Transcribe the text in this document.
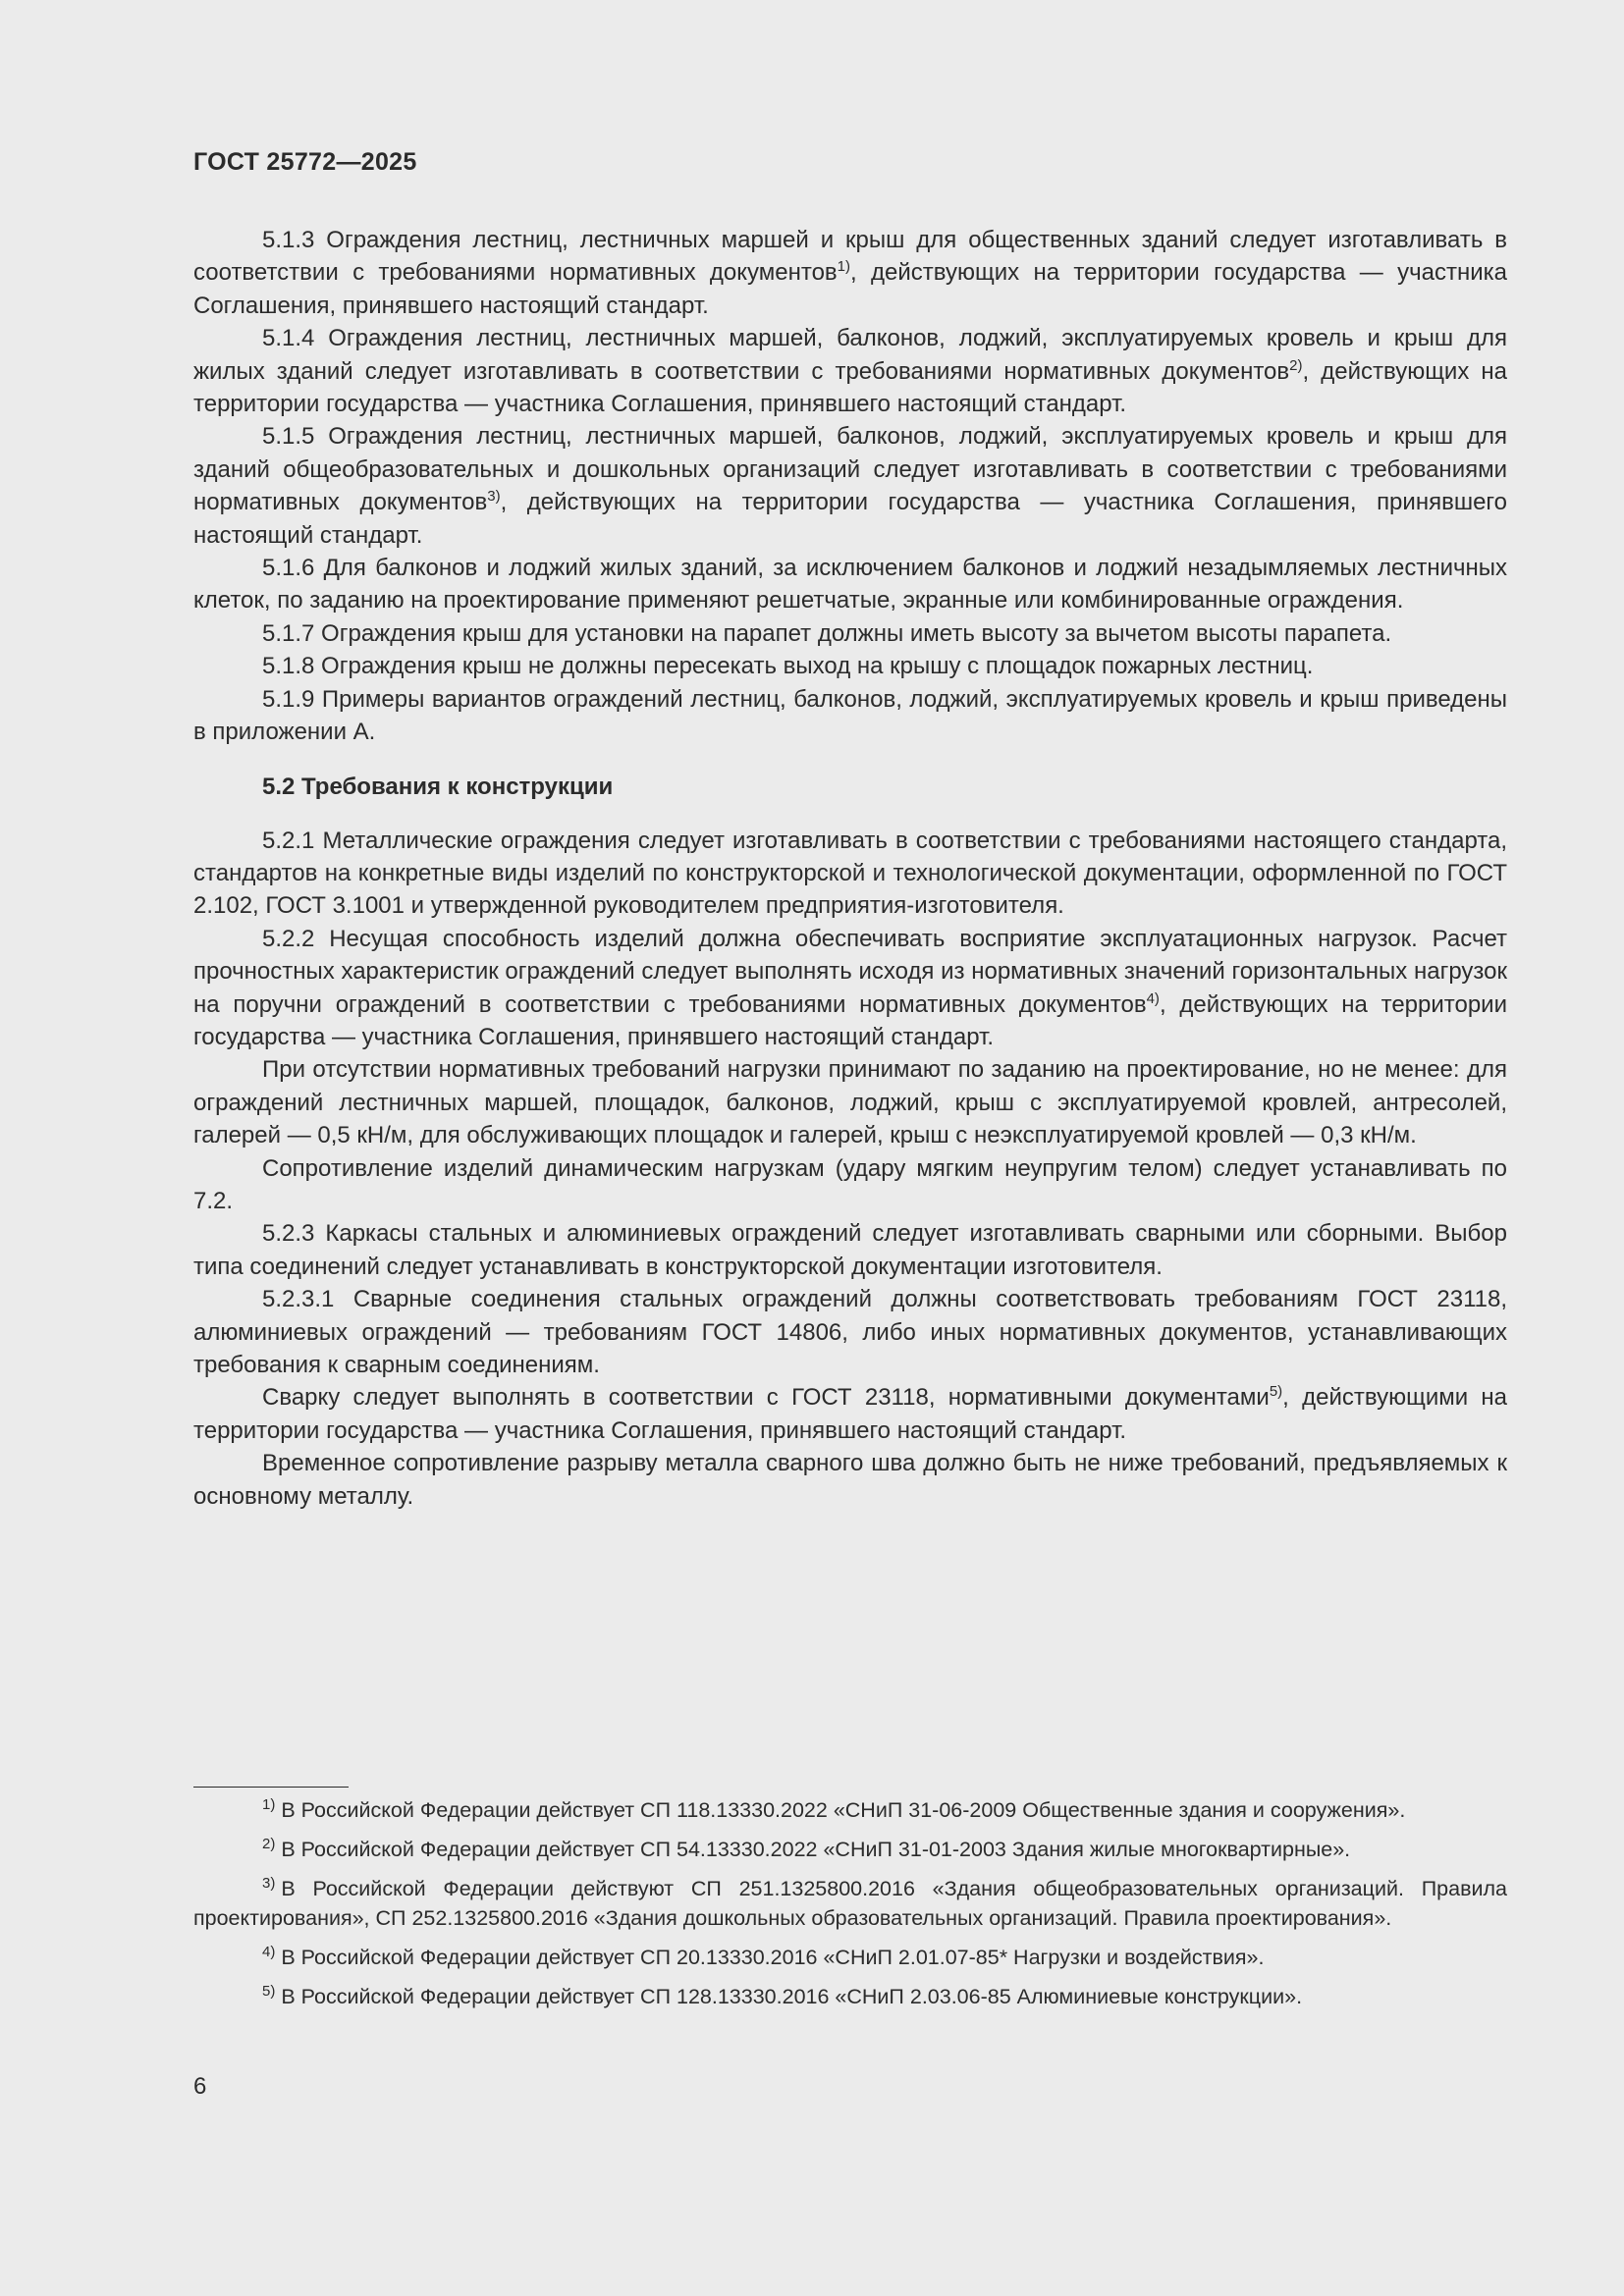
ГОСТ 25772—2025

5.1.3 Ограждения лестниц, лестничных маршей и крыш для общественных зданий следует изготавливать в соответствии с требованиями нормативных документов$^{1)}$, действующих на территории государства — участника Соглашения, принявшего настоящий стандарт.

5.1.4 Ограждения лестниц, лестничных маршей, балконов, лоджий, эксплуатируемых кровель и крыш для жилых зданий следует изготавливать в соответствии с требованиями нормативных документов$^{2)}$, действующих на территории государства — участника Соглашения, принявшего настоящий стандарт.

5.1.5 Ограждения лестниц, лестничных маршей, балконов, лоджий, эксплуатируемых кровель и крыш для зданий общеобразовательных и дошкольных организаций следует изготавливать в соответствии с требованиями нормативных документов$^{3)}$, действующих на территории государства — участника Соглашения, принявшего настоящий стандарт.

5.1.6 Для балконов и лоджий жилых зданий, за исключением балконов и лоджий незадымляемых лестничных клеток, по заданию на проектирование применяют решетчатые, экранные или комбинированные ограждения.

5.1.7 Ограждения крыш для установки на парапет должны иметь высоту за вычетом высоты парапета.

5.1.8 Ограждения крыш не должны пересекать выход на крышу с площадок пожарных лестниц.

5.1.9 Примеры вариантов ограждений лестниц, балконов, лоджий, эксплуатируемых кровель и крыш приведены в приложении А.

5.2 Требования к конструкции

5.2.1 Металлические ограждения следует изготавливать в соответствии с требованиями настоящего стандарта, стандартов на конкретные виды изделий по конструкторской и технологической документации, оформленной по ГОСТ 2.102, ГОСТ 3.1001 и утвержденной руководителем предприятия-изготовителя.

5.2.2 Несущая способность изделий должна обеспечивать восприятие эксплуатационных нагрузок. Расчет прочностных характеристик ограждений следует выполнять исходя из нормативных значений горизонтальных нагрузок на поручни ограждений в соответствии с требованиями нормативных документов$^{4)}$, действующих на территории государства — участника Соглашения, принявшего настоящий стандарт.

При отсутствии нормативных требований нагрузки принимают по заданию на проектирование, но не менее: для ограждений лестничных маршей, площадок, балконов, лоджий, крыш с эксплуатируемой кровлей, антресолей, галерей — 0,5 кН/м, для обслуживающих площадок и галерей, крыш с неэксплуатируемой кровлей — 0,3 кН/м.

Сопротивление изделий динамическим нагрузкам (удару мягким неупругим телом) следует устанавливать по 7.2.

5.2.3 Каркасы стальных и алюминиевых ограждений следует изготавливать сварными или сборными. Выбор типа соединений следует устанавливать в конструкторской документации изготовителя.

5.2.3.1 Сварные соединения стальных ограждений должны соответствовать требованиям ГОСТ 23118, алюминиевых ограждений — требованиям ГОСТ 14806, либо иных нормативных документов, устанавливающих требования к сварным соединениям.

Сварку следует выполнять в соответствии с ГОСТ 23118, нормативными документами$^{5)}$, действующими на территории государства — участника Соглашения, принявшего настоящий стандарт.

Временное сопротивление разрыву металла сварного шва должно быть не ниже требований, предъявляемых к основному металлу.

$^{1)}$ В Российской Федерации действует СП 118.13330.2022 «СНиП 31-06-2009 Общественные здания и сооружения».

$^{2)}$ В Российской Федерации действует СП 54.13330.2022 «СНиП 31-01-2003 Здания жилые многоквартирные».

$^{3)}$ В Российской Федерации действуют СП 251.1325800.2016 «Здания общеобразовательных организаций. Правила проектирования», СП 252.1325800.2016 «Здания дошкольных образовательных организаций. Правила проектирования».

$^{4)}$ В Российской Федерации действует СП 20.13330.2016 «СНиП 2.01.07-85* Нагрузки и воздействия».

$^{5)}$ В Российской Федерации действует СП 128.13330.2016 «СНиП 2.03.06-85 Алюминиевые конструкции».

6
